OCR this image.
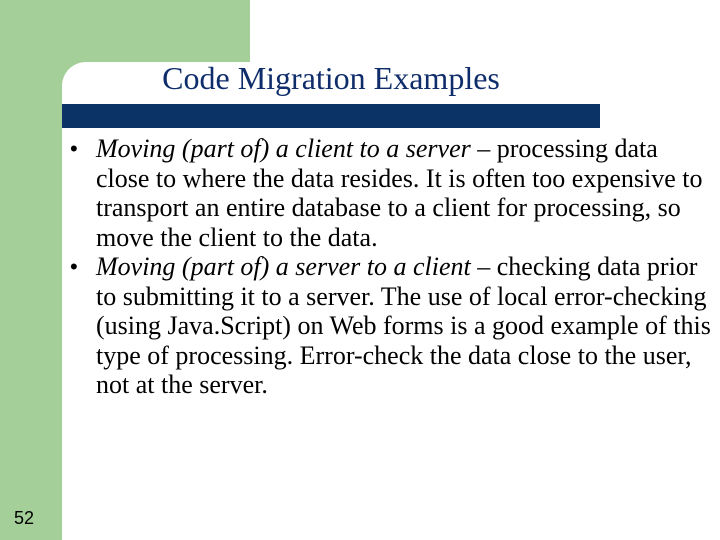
Code Migration Examples
• Moving (part of) a client to a server – processing data close to where the data resides. It is often too expensive to transport an entire database to a client for processing, so move the client to the data.
• Moving (part of) a server to a client – checking data prior to submitting it to a server. The use of local error-checking (using Java.Script) on Web forms is a good example of this type of processing. Error-check the data close to the user, not at the server.
52
